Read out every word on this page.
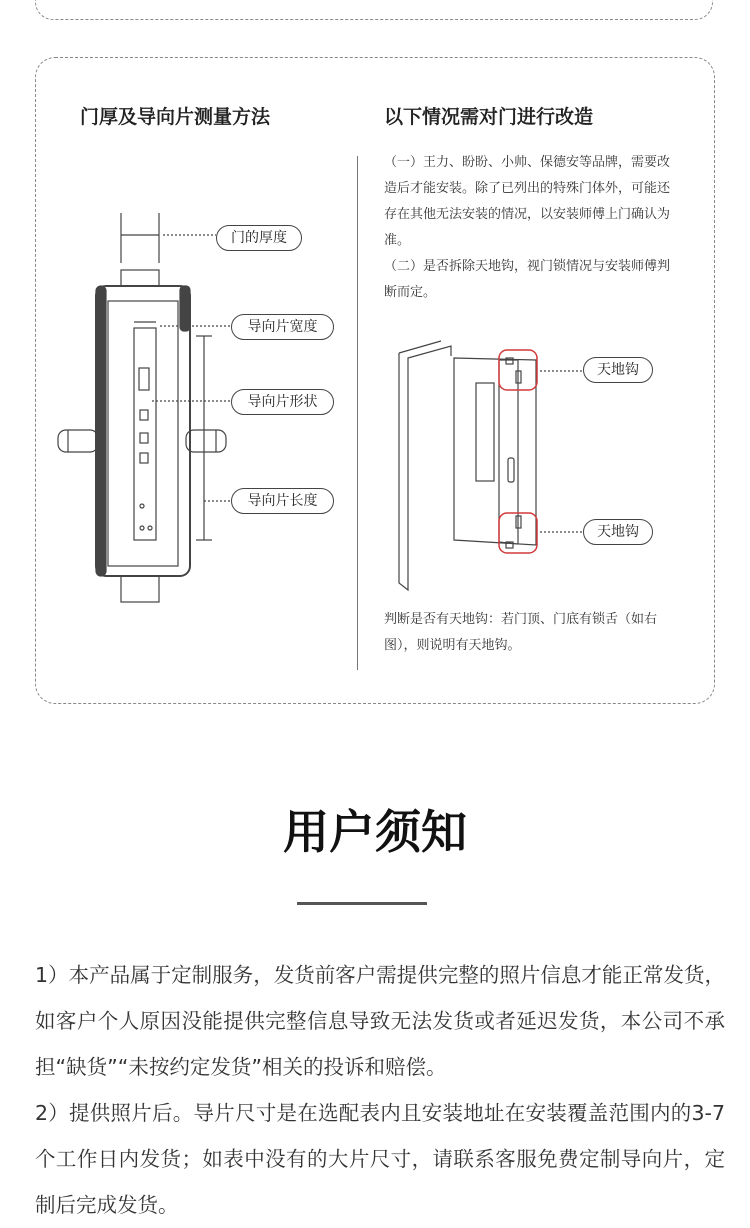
门厚及导向片测量方法	以下情况需对门进行改造
门的厚度
导向片宽度
导向片形状
导向片长度
（一）王力、盼盼、小帅、保德安等品牌，需要改造后才能安装。除了已列出的特殊门体外，可能还存在其他无法安装的情况，以安装师傅上门确认为准。
（二）是否拆除天地钩，视门锁情况与安装师傅判断而定。
天地钩
天地钩
判断是否有天地钩：若门顶、门底有锁舌（如右图），则说明有天地钩。
用户须知

1）本产品属于定制服务，发货前客户需提供完整的照片信息才能正常发货，如客户个人原因没能提供完整信息导致无法发货或者延迟发货，本公司不承担“缺货”“未按约定发货”相关的投诉和赔偿。

2）提供照片后。导片尺寸是在选配表内且安装地址在安装覆盖范围内的3-7个工作日内发货；如表中没有的大片尺寸，请联系客服免费定制导向片，定制后完成发货。
